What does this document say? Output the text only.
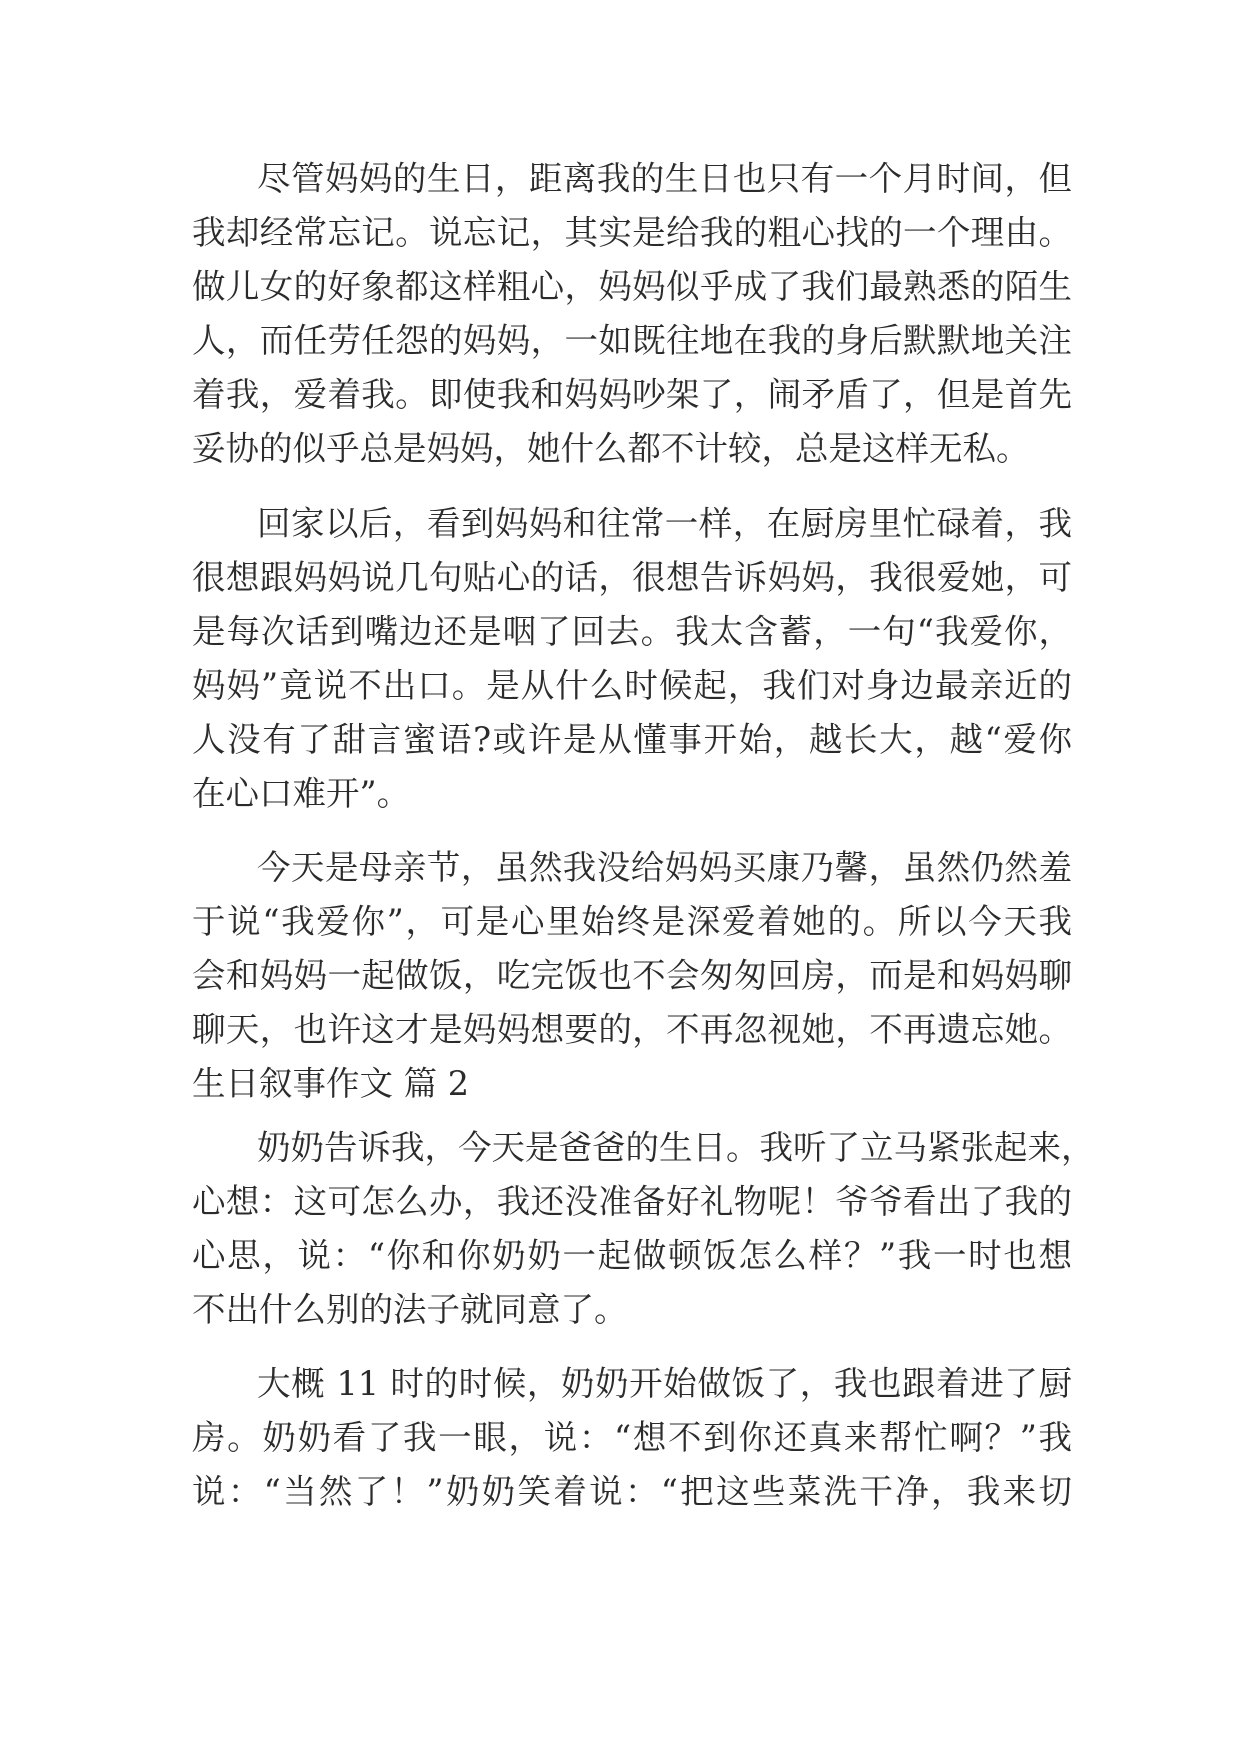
尽管妈妈的生日，距离我的生日也只有一个月时间，但
我却经常忘记。说忘记，其实是给我的粗心找的一个理由。
做儿女的好象都这样粗心，妈妈似乎成了我们最熟悉的陌生
人，而任劳任怨的妈妈，一如既往地在我的身后默默地关注
着我，爱着我。即使我和妈妈吵架了，闹矛盾了，但是首先
妥协的似乎总是妈妈，她什么都不计较，总是这样无私。
回家以后，看到妈妈和往常一样，在厨房里忙碌着，我
很想跟妈妈说几句贴心的话，很想告诉妈妈，我很爱她，可
是每次话到嘴边还是咽了回去。我太含蓄，一句“我爱你，
妈妈”竟说不出口。是从什么时候起，我们对身边最亲近的
人没有了甜言蜜语?或许是从懂事开始，越长大，越“爱你
在心口难开”。
今天是母亲节，虽然我没给妈妈买康乃馨，虽然仍然羞
于说“我爱你”，可是心里始终是深爱着她的。所以今天我
会和妈妈一起做饭，吃完饭也不会匆匆回房，而是和妈妈聊
聊天，也许这才是妈妈想要的，不再忽视她，不再遗忘她。
生日叙事作文 篇 2
奶奶告诉我，今天是爸爸的生日。我听了立马紧张起来，
心想：这可怎么办，我还没准备好礼物呢！爷爷看出了我的
心思，说：“你和你奶奶一起做顿饭怎么样？”我一时也想
不出什么别的法子就同意了。
大概 11 时的时候，奶奶开始做饭了，我也跟着进了厨
房。奶奶看了我一眼，说：“想不到你还真来帮忙啊？”我
说：“当然了！”奶奶笑着说：“把这些菜洗干净，我来切
